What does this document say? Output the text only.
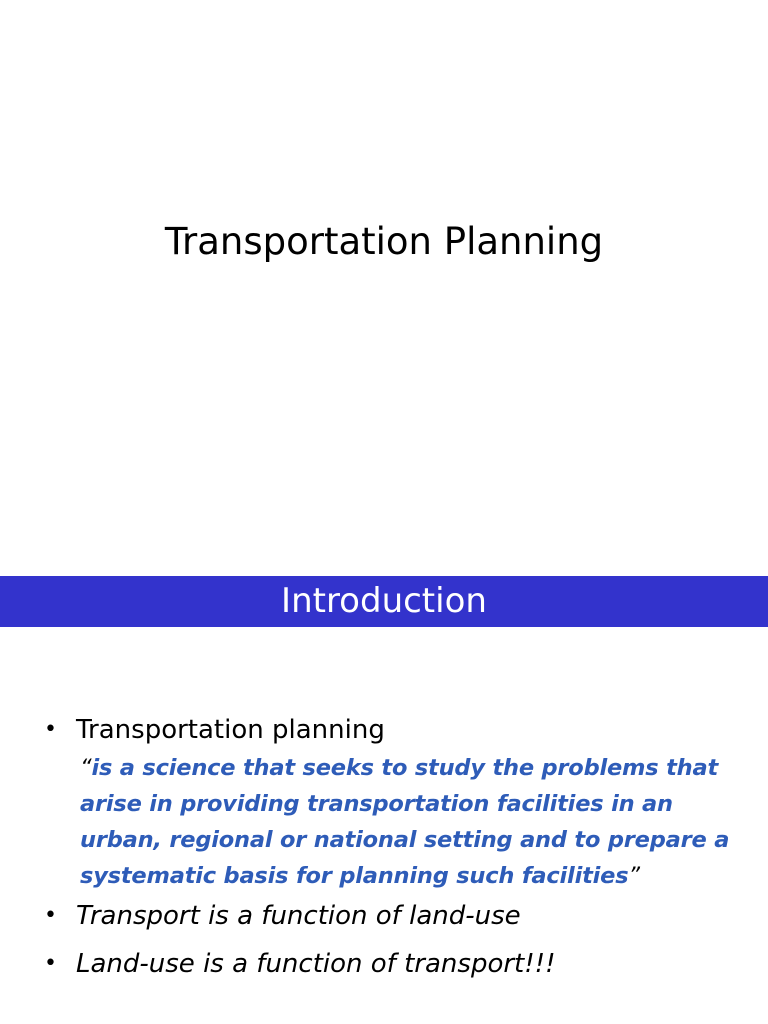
Transportation Planning
Introduction
• Transportation planning
“is a science that seeks to study the problems that arise in providing transportation facilities in an urban, regional or national setting and to prepare a systematic basis for planning such facilities”
• Transport is a function of land-use
• Land-use is a function of transport!!!
